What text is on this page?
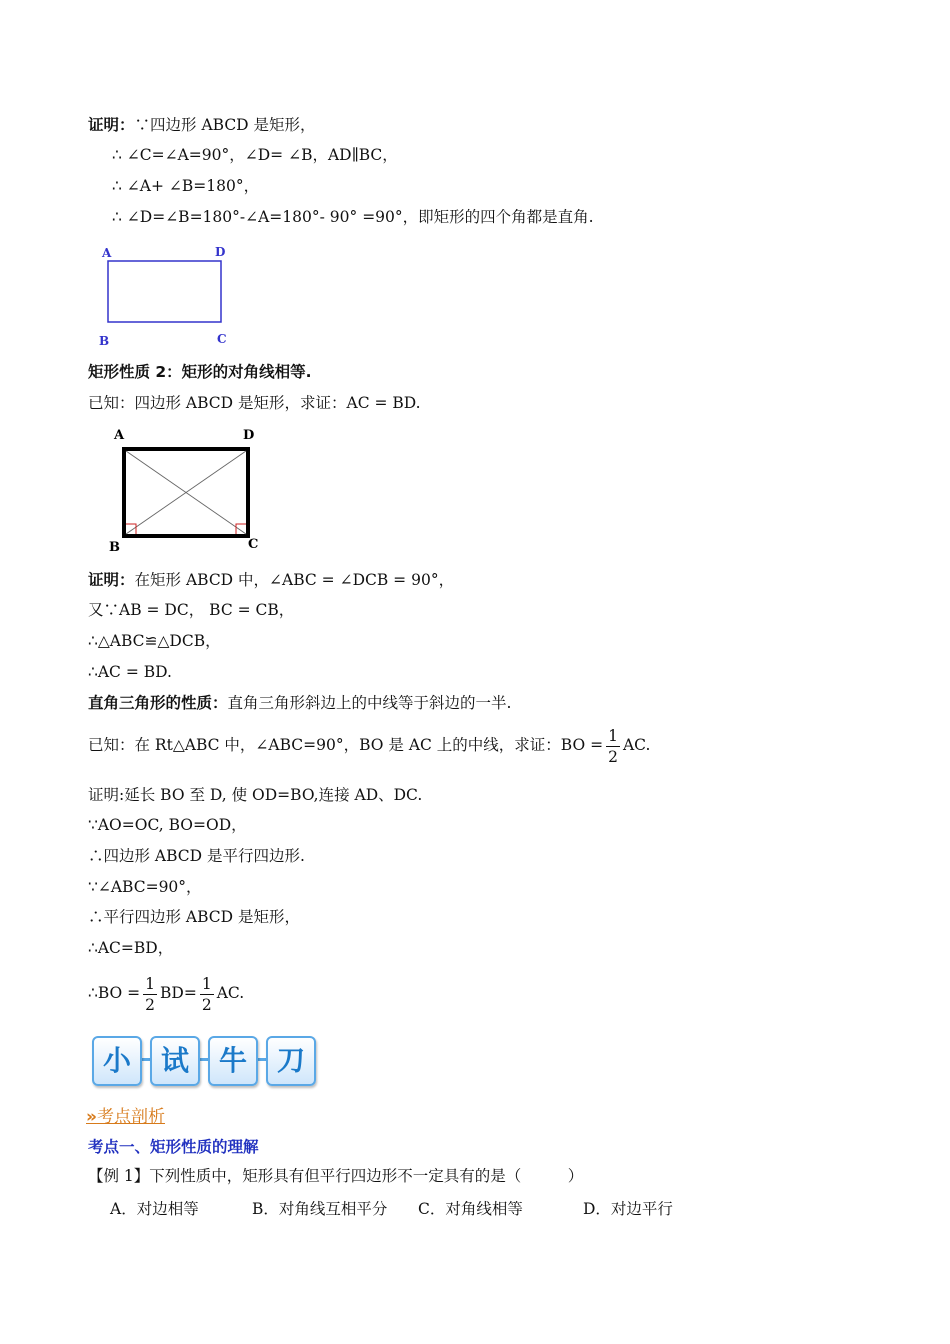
证明：∵四边形 ABCD 是矩形，
∴ ∠C=∠A=90°，∠D= ∠B，AD∥BC，
∴ ∠A+ ∠B=180°，
∴ ∠D=∠B=180°-∠A=180°- 90° =90°，即矩形的四个角都是直角.
A	D
B	C
矩形性质 2：矩形的对角线相等.
已知：四边形 ABCD 是矩形，求证：AC = BD.
A	D
B	C
证明：在矩形 ABCD 中，∠ABC = ∠DCB = 90°，
又∵AB = DC， BC = CB，
∴△ABC≌△DCB，
∴AC = BD.
直角三角形的性质：直角三角形斜边上的中线等于斜边的一半.
已知：在 Rt△ABC 中，∠ABC=90°，BO 是 AC 上的中线，求证：BO = $\frac{1}{2}$ AC.
证明:延长 BO 至 D, 使 OD=BO,连接 AD、DC.
∵AO=OC, BO=OD，
∴四边形 ABCD 是平行四边形.
∵∠ABC=90°，
∴平行四边形 ABCD 是矩形，
∴AC=BD，
∴BO = $\frac{1}{2} BD= \frac{1}{2}$ AC.
小	试	牛	刀
»考点剖析
考点一、矩形性质的理解
【例 1】下列性质中，矩形具有但平行四边形不一定具有的是（　　　）
A．对边相等	B．对角线互相平分 C．对角线相等	D．对边平行
